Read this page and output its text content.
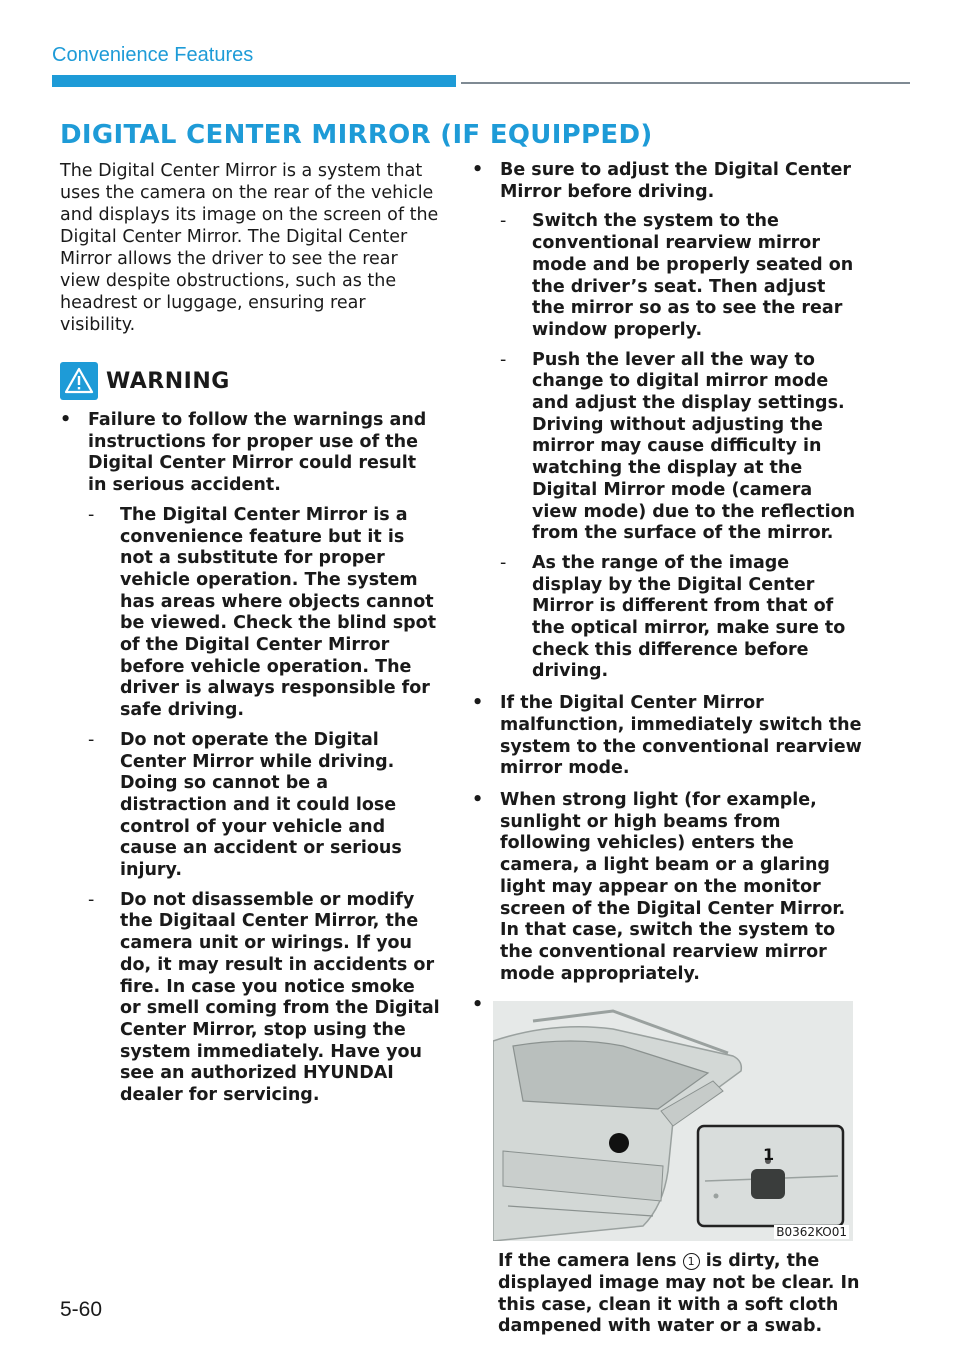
Convenience Features
DIGITAL CENTER MIRROR (IF EQUIPPED)

The Digital Center Mirror is a system that uses the camera on the rear of the vehicle and displays its image on the screen of the Digital Center Mirror. The Digital Center Mirror allows the driver to see the rear view despite obstructions, such as the headrest or luggage, ensuring rear visibility.

WARNING
• Failure to follow the warnings and instructions for proper use of the Digital Center Mirror could result in serious accident.
- The Digital Center Mirror is a convenience feature but it is not a substitute for proper vehicle operation. The system has areas where objects cannot be viewed. Check the blind spot of the Digital Center Mirror before vehicle operation. The driver is always responsible for safe driving.
- Do not operate the Digital Center Mirror while driving. Doing so cannot be a distraction and it could lose control of your vehicle and cause an accident or serious injury.
- Do not disassemble or modify the Digitaal Center Mirror, the camera unit or wirings. If you do, it may result in accidents or fire. In case you notice smoke or smell coming from the Digital Center Mirror, stop using the system immediately. Have you see an authorized HYUNDAI dealer for servicing.
• Be sure to adjust the Digital Center Mirror before driving.
- Switch the system to the conventional rearview mirror mode and be properly seated on the driver’s seat. Then adjust the mirror so as to see the rear window properly.
- Push the lever all the way to change to digital mirror mode and adjust the display settings. Driving without adjusting the mirror may cause difficulty in watching the display at the Digital Mirror mode (camera view mode) due to the reflection from the surface of the mirror.
- As the range of the image display by the Digital Center Mirror is different from that of the optical mirror, make sure to check this difference before driving.
• If the Digital Center Mirror malfunction, immediately switch the system to the conventional rearview mirror mode.
• When strong light (for example, sunlight or high beams from following vehicles) enters the camera, a light beam or a glaring light may appear on the monitor screen of the Digital Center Mirror. In that case, switch the system to the conventional rearview mirror mode appropriately.
•
1
B0362KO01
If the camera lens 1 is dirty, the displayed image may not be clear. In this case, clean it with a soft cloth dampened with water or a swab.
5-60
